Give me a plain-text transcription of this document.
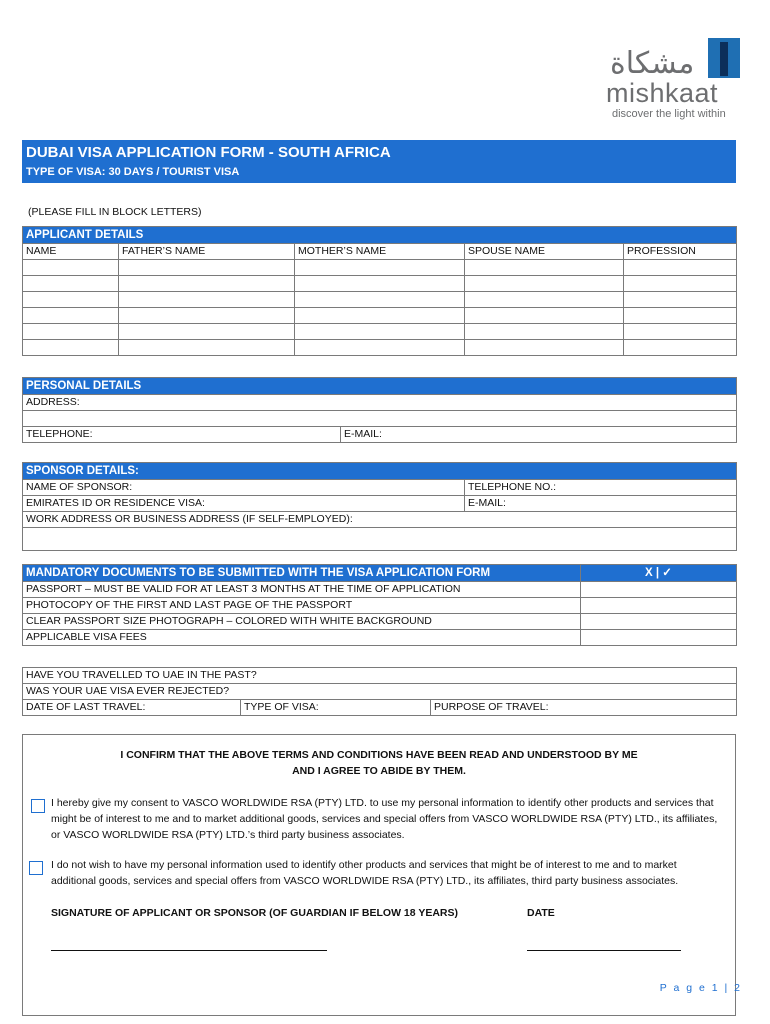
مشكاة
mishkaat
discover the light within
DUBAI VISA APPLICATION FORM - SOUTH AFRICA
TYPE OF VISA: 30 DAYS / TOURIST VISA
(PLEASE FILL IN BLOCK LETTERS)
APPLICANT DETAILS				
NAME	FATHER’S NAME	MOTHER’S NAME	SPOUSE NAME	PROFESSION

PERSONAL DETAILS
ADDRESS:

TELEPHONE:	E-MAIL:
SPONSOR DETAILS:	
NAME OF SPONSOR:	TELEPHONE NO.:
EMIRATES ID OR RESIDENCE VISA:	E-MAIL:
WORK ADDRESS OR BUSINESS ADDRESS (IF SELF-EMPLOYED):	

MANDATORY DOCUMENTS TO BE SUBMITTED WITH THE VISA APPLICATION FORM	X | ✓
PASSPORT – MUST BE VALID FOR AT LEAST 3 MONTHS AT THE TIME OF APPLICATION	
PHOTOCOPY OF THE FIRST AND LAST PAGE OF THE PASSPORT	
CLEAR PASSPORT SIZE PHOTOGRAPH – COLORED WITH WHITE BACKGROUND	
APPLICABLE VISA FEES	
HAVE YOU TRAVELLED TO UAE IN THE PAST?
WAS YOUR UAE VISA EVER REJECTED?
DATE OF LAST TRAVEL:	TYPE OF VISA:	PURPOSE OF TRAVEL:
I CONFIRM THAT THE ABOVE TERMS AND CONDITIONS HAVE BEEN READ AND UNDERSTOOD BY ME
AND I AGREE TO ABIDE BY THEM.
I hereby give my consent to VASCO WORLDWIDE RSA (PTY) LTD. to use my personal information to identify other products and services that might be of interest to me and to market additional goods, services and special offers from VASCO WORLDWIDE RSA (PTY) LTD., its affiliates, or VASCO WORLDWIDE RSA (PTY) LTD.’s third party business associates.
I do not wish to have my personal information used to identify other products and services that might be of interest to me and to market additional goods, services and special offers from VASCO WORLDWIDE RSA (PTY) LTD., its affiliates, third party business associates.
SIGNATURE OF APPLICANT OR SPONSOR (OF GUARDIAN IF BELOW 18 YEARS)	DATE
P a g e 1 | 2
